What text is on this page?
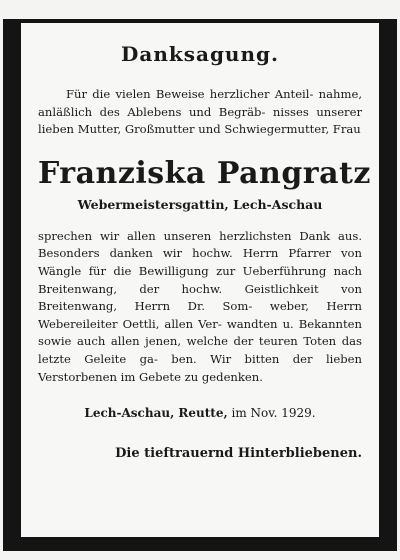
Danksagung.
Für die vielen Beweise herzlicher Anteil- nahme, anläßlich des Ablebens und Begräb- nisses unserer lieben Mutter, Großmutter und Schwiegermutter, Frau
Franziska Pangratz
Webermeistersgattin, Lech-Aschau
sprechen wir allen unseren herzlichsten Dank aus. Besonders danken wir hochw. Herrn Pfarrer von Wängle für die Bewilligung zur Ueberführung nach Breitenwang, der hochw. Geistlichkeit von Breitenwang, Herrn Dr. Som- weber, Herrn Webereileiter Oettli, allen Ver- wandten u. Bekannten sowie auch allen jenen, welche der teuren Toten das letzte Geleite ga- ben. Wir bitten der lieben Verstorbenen im Gebete zu gedenken.
Lech-Aschau, Reutte, im Nov. 1929.
Die tieftrauernd Hinterbliebenen.
